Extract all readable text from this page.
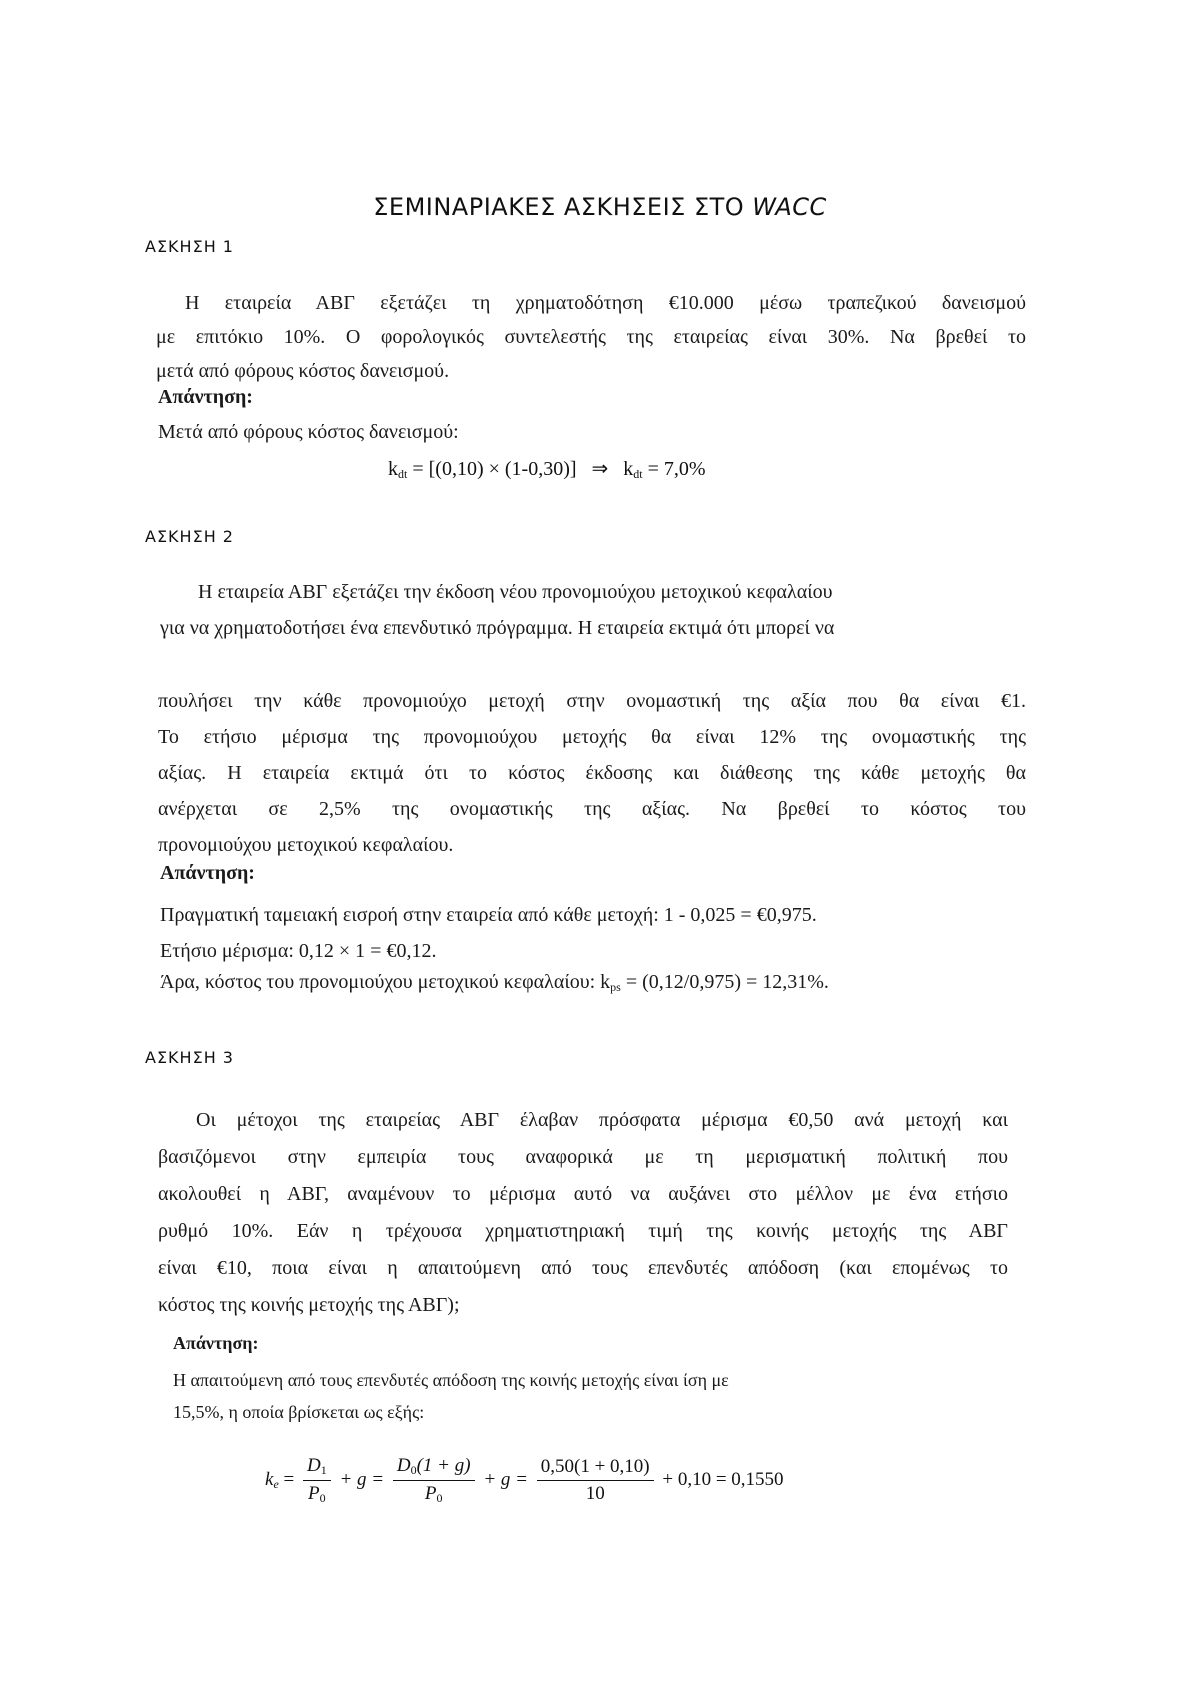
ΣΕΜΙΝΑΡΙΑΚΕΣ ΑΣΚΗΣΕΙΣ ΣΤΟ WACC
ΑΣΚΗΣΗ 1
Η εταιρεία ΑΒΓ εξετάζει τη χρηματοδότηση €10.000 μέσω τραπεζικού δανεισμού
με επιτόκιο 10%. Ο φορολογικός συντελεστής της εταιρείας είναι 30%. Να βρεθεί το
μετά από φόρους κόστος δανεισμού.
Απάντηση:
Μετά από φόρους κόστος δανεισμού:
$k_{dt} = [(0,10) \times (1-0,30)]$   ⇒   $k_{dt} = 7,0\%$
ΑΣΚΗΣΗ 2
Η εταιρεία ΑΒΓ εξετάζει την έκδοση νέου προνομιούχου μετοχικού κεφαλαίου
για να χρηματοδοτήσει ένα επενδυτικό πρόγραμμα. Η εταιρεία εκτιμά ότι μπορεί να
πουλήσει την κάθε προνομιούχο μετοχή στην ονομαστική της αξία που θα είναι €1.
Το ετήσιο μέρισμα της προνομιούχου μετοχής θα είναι 12% της ονομαστικής της
αξίας. Η εταιρεία εκτιμά ότι το κόστος έκδοσης και διάθεσης της κάθε μετοχής θα
ανέρχεται σε 2,5% της ονομαστικής της αξίας. Να βρεθεί το κόστος του
προνομιούχου μετοχικού κεφαλαίου.
Απάντηση:
Πραγματική ταμειακή εισροή στην εταιρεία από κάθε μετοχή: 1 - 0,025 = €0,975.
Ετήσιο μέρισμα: 0,12 × 1 = €0,12.
Άρα, κόστος του προνομιούχου μετοχικού κεφαλαίου: $k_{ps} = (0,12/0,975) = 12,31\%$.
ΑΣΚΗΣΗ 3
Οι μέτοχοι της εταιρείας ΑΒΓ έλαβαν πρόσφατα μέρισμα €0,50 ανά μετοχή και
βασιζόμενοι στην εμπειρία τους αναφορικά με τη μερισματική πολιτική που
ακολουθεί η ΑΒΓ, αναμένουν το μέρισμα αυτό να αυξάνει στο μέλλον με ένα ετήσιο
ρυθμό 10%. Εάν η τρέχουσα χρηματιστηριακή τιμή της κοινής μετοχής της ΑΒΓ
είναι €10, ποια είναι η απαιτούμενη από τους επενδυτές απόδοση (και επομένως το
κόστος της κοινής μετοχής της ΑΒΓ);
Απάντηση:
Η απαιτούμενη από τους επενδυτές απόδοση της κοινής μετοχής είναι ίση με
15,5%, η οποία βρίσκεται ως εξής:
$k_e = \frac{D_1}{P_0} + g = \frac{D_0(1 + g)}{P_0} + g = \frac{0,50(1 + 0,10)}{10} + 0,10 = 0,1550$
